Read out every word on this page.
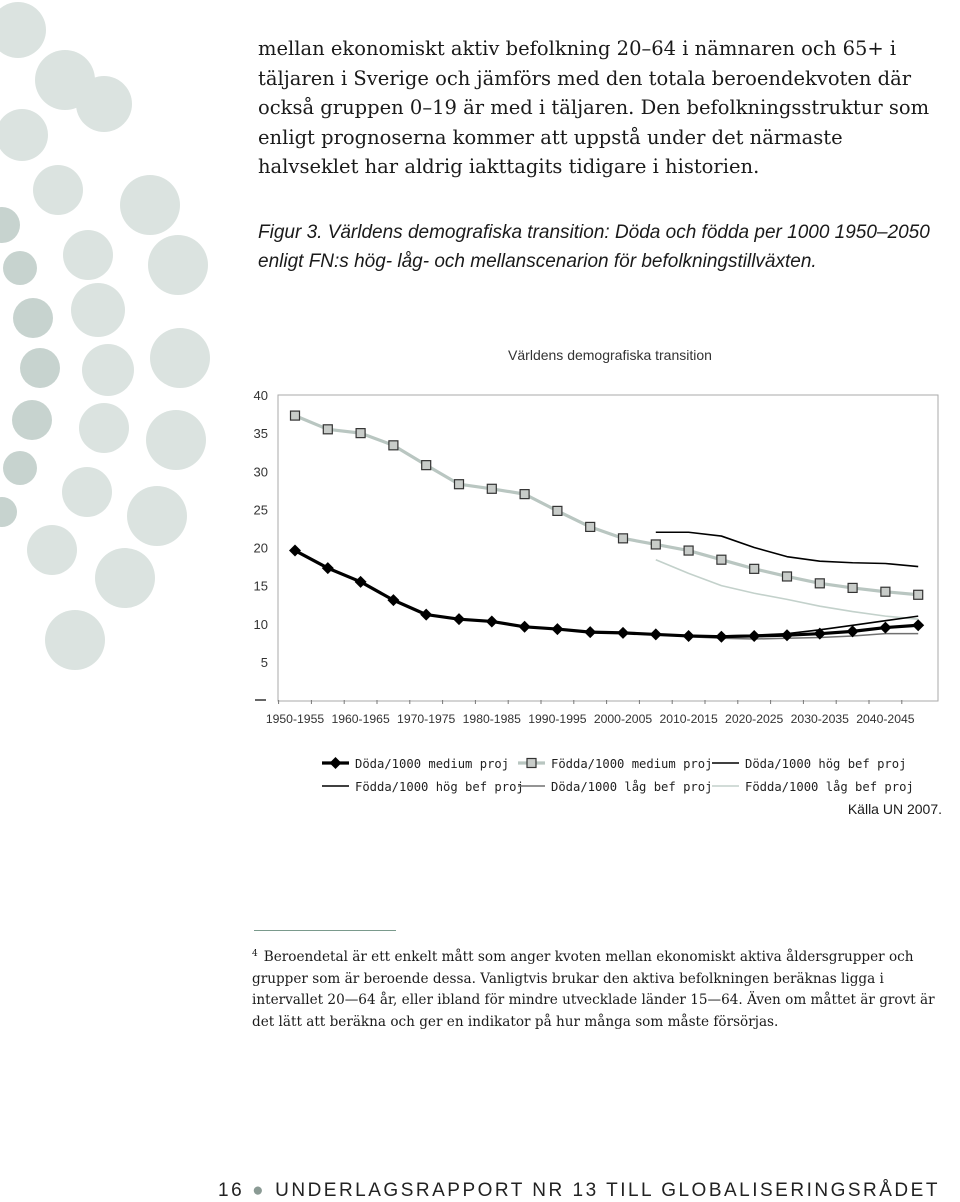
mellan ekonomiskt aktiv befolkning 20–64 i nämnaren och 65+ i täljaren i Sverige och jämförs med den totala beroendekvoten där också gruppen 0–19 är med i täljaren. Den befolkningsstruktur som enligt prognoserna kommer att uppstå under det närmaste halvseklet har aldrig iakttagits tidigare i historien.

Figur 3. Världens demografiska transition: Döda och födda per 1000 1950–2050 enligt FN:s hög- låg- och mellanscenarion för befolkningstillväxten.
Världens demografiska transition
40
35
30
25
20
15
10
5
1950-1955 1960-1965 1970-1975 1980-1985 1990-1995 2000-2005 2010-2015 2020-2025 2030-2035 2040-2045
Döda/1000 medium proj	Födda/1000 medium proj	Döda/1000 hög bef proj
Födda/1000 hög bef proj Döda/1000 låg bef proj	Födda/1000 låg bef proj
Källa UN 2007.
$^4$ Beroendetal är ett enkelt mått som anger kvoten mellan ekonomiskt aktiva åldersgrupper och grupper som är beroende dessa. Vanligtvis brukar den aktiva befolkningen beräknas ligga i intervallet 20—64 år, eller ibland för mindre utvecklade länder 15—64. Även om måttet är grovt är det lätt att beräkna och ger en indikator på hur många som måste försörjas.
16 ● UNDERLAGSRAPPORT NR 13 TILL GLOBALISERINGSRÅDET
